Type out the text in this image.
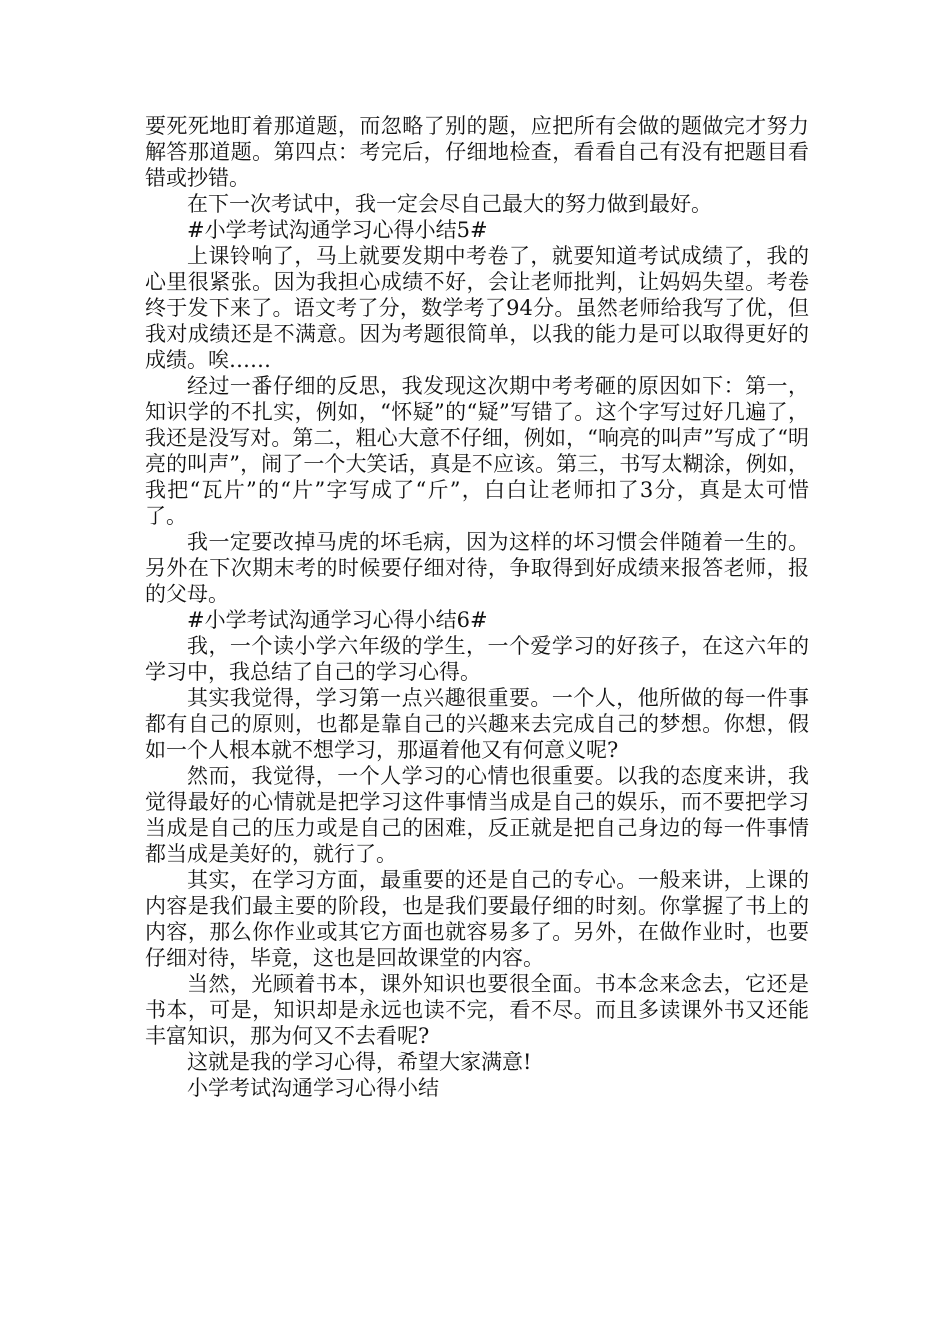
要死死地盯着那道题，而忽略了别的题，应把所有会做的题做完才努力解答那道题。第四点：考完后，仔细地检查，看看自己有没有把题目看错或抄错。

在下一次考试中，我一定会尽自己最大的努力做到最好。

#小学考试沟通学习心得小结5#

上课铃响了，马上就要发期中考卷了，就要知道考试成绩了，我的心里很紧张。因为我担心成绩不好，会让老师批判，让妈妈失望。考卷终于发下来了。语文考了分，数学考了94分。虽然老师给我写了优，但我对成绩还是不满意。因为考题很简单，以我的能力是可以取得更好的成绩。唉……

经过一番仔细的反思，我发现这次期中考考砸的原因如下：第一，知识学的不扎实，例如，“怀疑”的“疑”写错了。这个字写过好几遍了，我还是没写对。第二，粗心大意不仔细，例如，“响亮的叫声”写成了“明亮的叫声”，闹了一个大笑话，真是不应该。第三，书写太糊涂，例如，我把“瓦片”的“片”字写成了“斤”，白白让老师扣了3分，真是太可惜了。

我一定要改掉马虎的坏毛病，因为这样的坏习惯会伴随着一生的。另外在下次期末考的时候要仔细对待，争取得到好成绩来报答老师，报的父母。

#小学考试沟通学习心得小结6#

我，一个读小学六年级的学生，一个爱学习的好孩子，在这六年的学习中，我总结了自己的学习心得。

其实我觉得，学习第一点兴趣很重要。一个人，他所做的每一件事都有自己的原则，也都是靠自己的兴趣来去完成自己的梦想。你想，假如一个人根本就不想学习，那逼着他又有何意义呢?

然而，我觉得，一个人学习的心情也很重要。以我的态度来讲，我觉得最好的心情就是把学习这件事情当成是自己的娱乐，而不要把学习当成是自己的压力或是自己的困难，反正就是把自己身边的每一件事情都当成是美好的，就行了。

其实，在学习方面，最重要的还是自己的专心。一般来讲，上课的内容是我们最主要的阶段，也是我们要最仔细的时刻。你掌握了书上的内容，那么你作业或其它方面也就容易多了。另外，在做作业时，也要仔细对待，毕竟，这也是回故课堂的内容。

当然，光顾着书本，课外知识也要很全面。书本念来念去，它还是书本，可是，知识却是永远也读不完，看不尽。而且多读课外书又还能丰富知识，那为何又不去看呢?

这就是我的学习心得，希望大家满意!

小学考试沟通学习心得小结
